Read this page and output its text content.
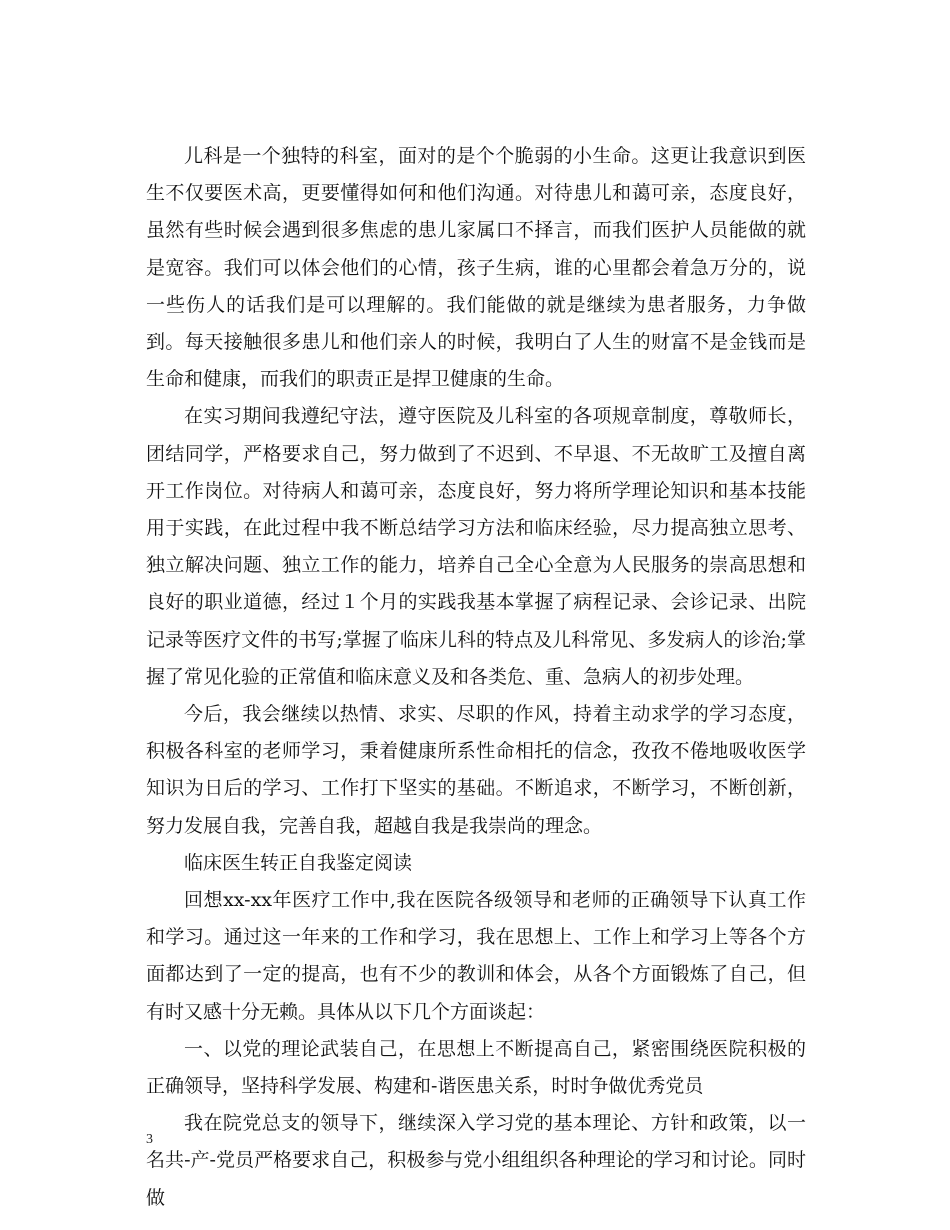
儿科是一个独特的科室，面对的是个个脆弱的小生命。这更让我意识到医生不仅要医术高，更要懂得如何和他们沟通。对待患儿和蔼可亲，态度良好，虽然有些时候会遇到很多焦虑的患儿家属口不择言，而我们医护人员能做的就是宽容。我们可以体会他们的心情，孩子生病，谁的心里都会着急万分的，说一些伤人的话我们是可以理解的。我们能做的就是继续为患者服务，力争做到。每天接触很多患儿和他们亲人的时候，我明白了人生的财富不是金钱而是生命和健康，而我们的职责正是捍卫健康的生命。

在实习期间我遵纪守法，遵守医院及儿科室的各项规章制度，尊敬师长，团结同学，严格要求自己，努力做到了不迟到、不早退、不无故旷工及擅自离开工作岗位。对待病人和蔼可亲，态度良好，努力将所学理论知识和基本技能用于实践，在此过程中我不断总结学习方法和临床经验，尽力提高独立思考、独立解决问题、独立工作的能力，培养自己全心全意为人民服务的崇高思想和良好的职业道德，经过１个月的实践我基本掌握了病程记录、会诊记录、出院记录等医疗文件的书写;掌握了临床儿科的特点及儿科常见、多发病人的诊治;掌握了常见化验的正常值和临床意义及和各类危、重、急病人的初步处理。

今后，我会继续以热情、求实、尽职的作风，持着主动求学的学习态度，积极各科室的老师学习，秉着健康所系性命相托的信念，孜孜不倦地吸收医学知识为日后的学习、工作打下坚实的基础。不断追求，不断学习，不断创新，努力发展自我，完善自我，超越自我是我崇尚的理念。

临床医生转正自我鉴定阅读

回想xx-xx年医疗工作中,我在医院各级领导和老师的正确领导下认真工作和学习。通过这一年来的工作和学习，我在思想上、工作上和学习上等各个方面都达到了一定的提高，也有不少的教训和体会，从各个方面锻炼了自己，但有时又感十分无赖。具体从以下几个方面谈起：

一、以党的理论武装自己，在思想上不断提高自己，紧密围绕医院积极的正确领导，坚持科学发展、构建和-谐医患关系，时时争做优秀党员

我在院党总支的领导下，继续深入学习党的基本理论、方针和政策，以一名共-产-党员严格要求自己，积极参与党小组组织各种理论的学习和讨论。同时做

3
